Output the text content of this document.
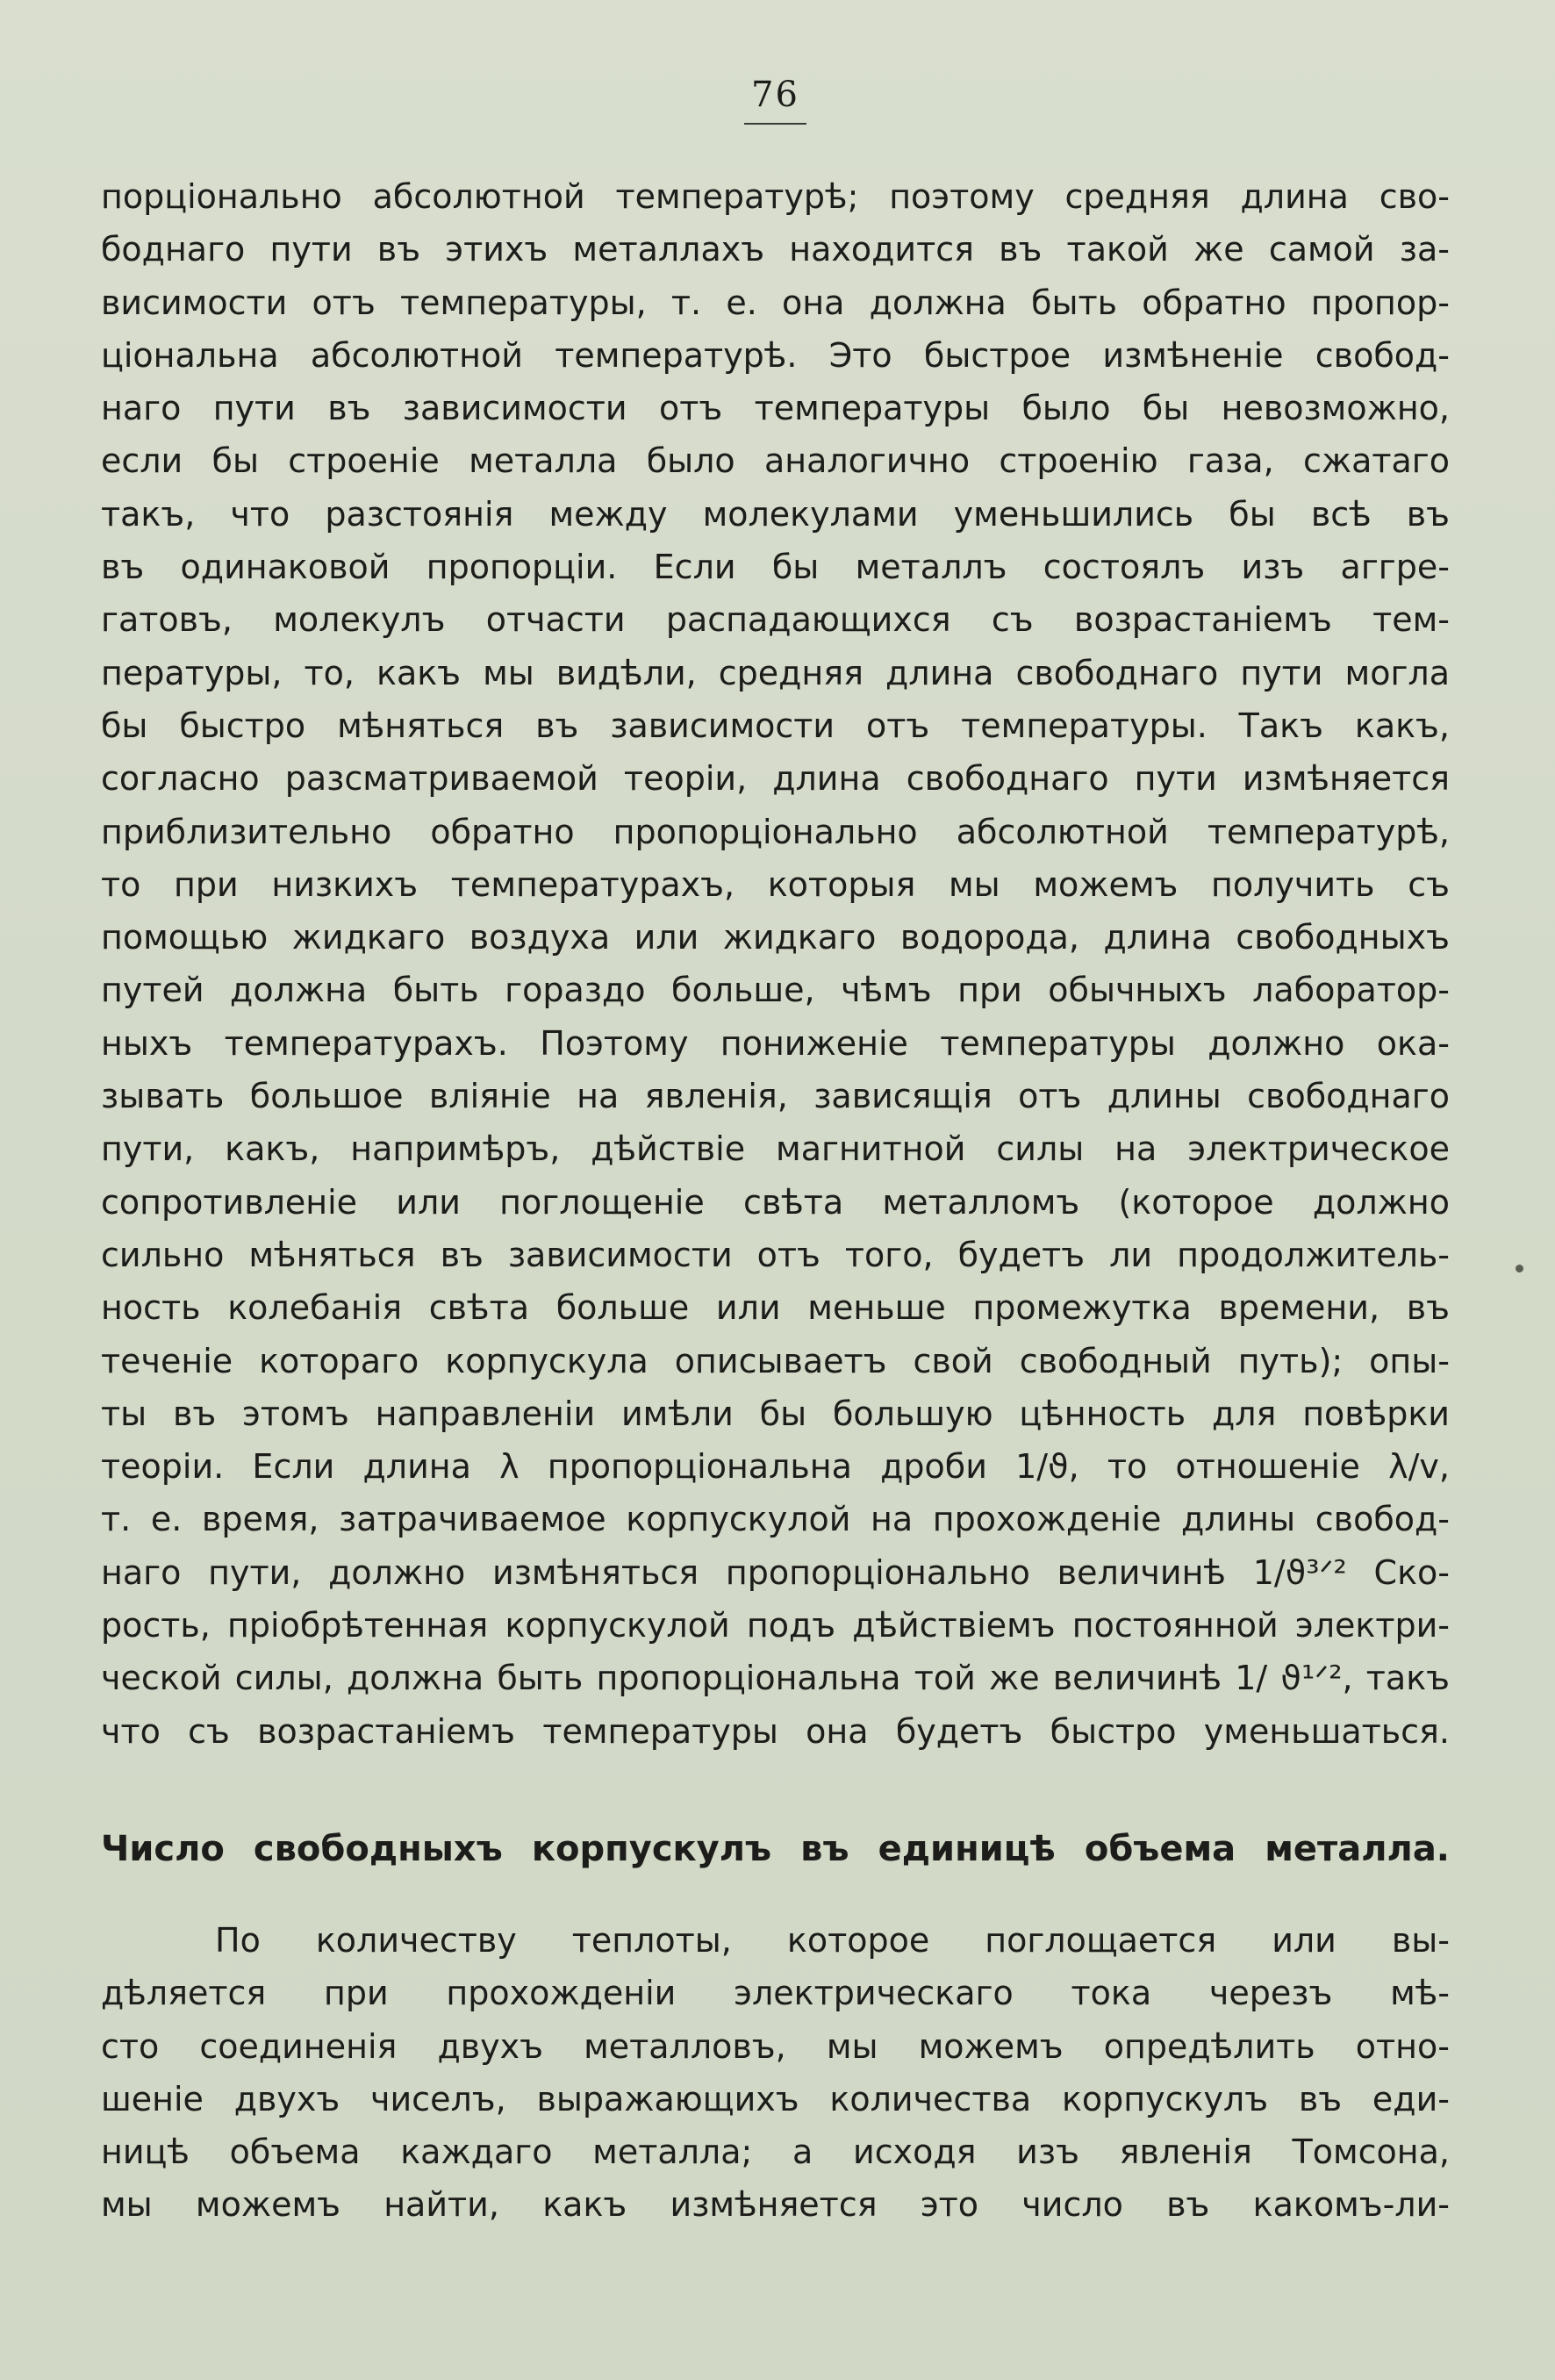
76
порціонально абсолютной температурѣ; поэтому средняя длина сво-
боднаго пути въ этихъ металлахъ находится въ такой же самой за-
висимости отъ температуры, т. е. она должна быть обратно пропор-
ціональна абсолютной температурѣ. Это быстрое измѣненіе свобод-
наго пути въ зависимости отъ температуры было бы невозможно,
если бы строеніе металла было аналогично строенію газа, сжатаго
такъ, что разстоянія между молекулами уменьшились бы всѣ въ
въ одинаковой пропорціи. Если бы металлъ состоялъ изъ aггре-
гатовъ, молекулъ отчасти распадающихся съ возрастаніемъ тем-
пературы, то, какъ мы видѣли, средняя длина свободнаго пути могла
бы быстро мѣняться въ зависимости отъ температуры. Такъ какъ,
согласно разсматриваемой теоріи, длина свободнаго пути измѣняется
приблизительно обратно пропорціонально абсолютной температурѣ,
то при низкихъ температурахъ, которыя мы можемъ получить съ
помощью жидкаго воздуха или жидкаго водорода, длина свободныхъ
путей должна быть гораздо больше, чѣмъ при обычныхъ лаборатор-
ныхъ температурахъ. Поэтому пониженіе температуры должно ока-
зывать большое вліяніе на явленія, зависящія отъ длины свободнаго
пути, какъ, напримѣръ, дѣйствіе магнитной силы на электрическое
сопротивленіе или поглощеніе свѣта металломъ (которое должно
сильно мѣняться въ зависимости отъ того, будетъ ли продолжитель-
ность колебанія свѣта больше или меньше промежутка времени, въ
теченіе котораго корпускула описываетъ свой свободный путь); опы-
ты въ этомъ направленіи имѣли бы большую цѣнность для повѣрки
теоріи. Если длина λ пропорціональна дроби 1/ϑ, то отношеніе λ/v,
т. е. время, затрачиваемое корпускулой на прохожденіе длины свобод-
наго пути, должно измѣняться пропорціонально величинѣ 1/ϑ³ᐟ² Ско-
рость, пріобрѣтенная корпускулой подъ дѣйствіемъ постоянной электри-
ческой силы, должна быть пропорціональна той же величинѣ 1/ ϑ¹ᐟ², такъ
что съ возрастаніемъ температуры она будетъ быстро уменьшаться.
Число свободныхъ корпускулъ въ единицѣ объема металла.
По количеству теплоты, которое поглощается или вы-
дѣляется при прохожденіи электрическаго тока черезъ мѣ-
сто соединенія двухъ металловъ, мы можемъ опредѣлить отно-
шеніе двухъ чиселъ, выражающихъ количества корпускулъ въ еди-
ницѣ объема каждаго металла; а исходя изъ явленія Томсона,
мы можемъ найти, какъ измѣняется это число въ какомъ-ли-
